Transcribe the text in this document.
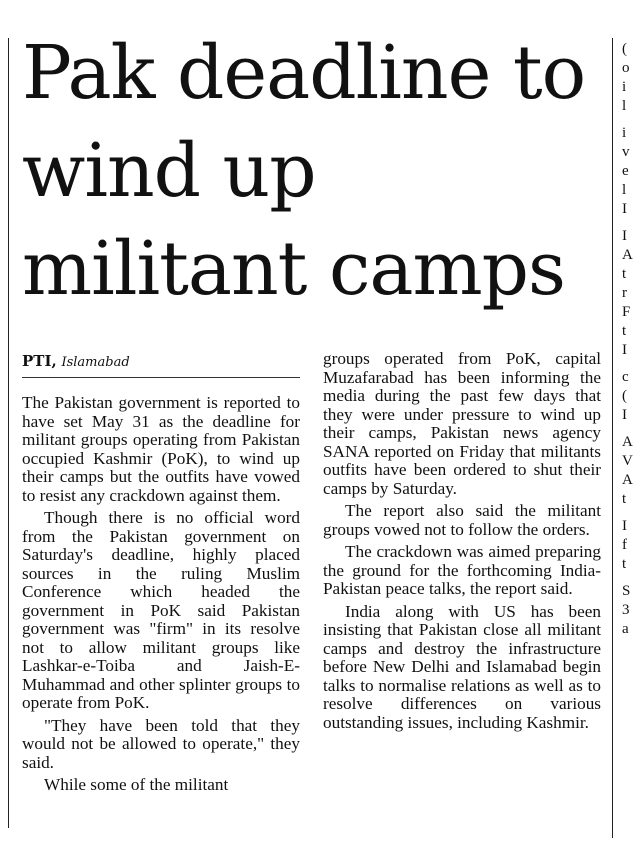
Pak deadline to wind up militant camps
PTI, Islamabad

The Pakistan government is reported to have set May 31 as the deadline for militant groups operating from Pakistan occupied Kashmir (PoK), to wind up their camps but the outfits have vowed to resist any crackdown against them.

Though there is no official word from the Pakistan government on Saturday's deadline, highly placed sources in the ruling Muslim Conference which headed the government in PoK said Pakistan government was "firm" in its resolve not to allow militant groups like Lashkar-e-Toiba and Jaish-E-Muhammad and other splinter groups to operate from PoK.

"They have been told that they would not be allowed to operate," they said.

While some of the militant

groups operated from PoK, capital Muzafarabad has been informing the media during the past few days that they were under pressure to wind up their camps, Pakistan news agency SANA reported on Friday that militants outfits have been ordered to shut their camps by Saturday.

The report also said the militant groups vowed not to follow the orders.

The crackdown was aimed preparing the ground for the forthcoming India-Pakistan peace talks, the report said.

India along with US has been insisting that Pakistan close all militant camps and destroy the infrastructure before New Delhi and Islamabad begin talks to normalise relations as well as to resolve differences on various outstanding issues, including Kashmir.

(
o
i
l
i
v
e
l
I
I
A
t
r
F
t
I
c
(
I
A
V
A
t
I
f
t
S
3
a
